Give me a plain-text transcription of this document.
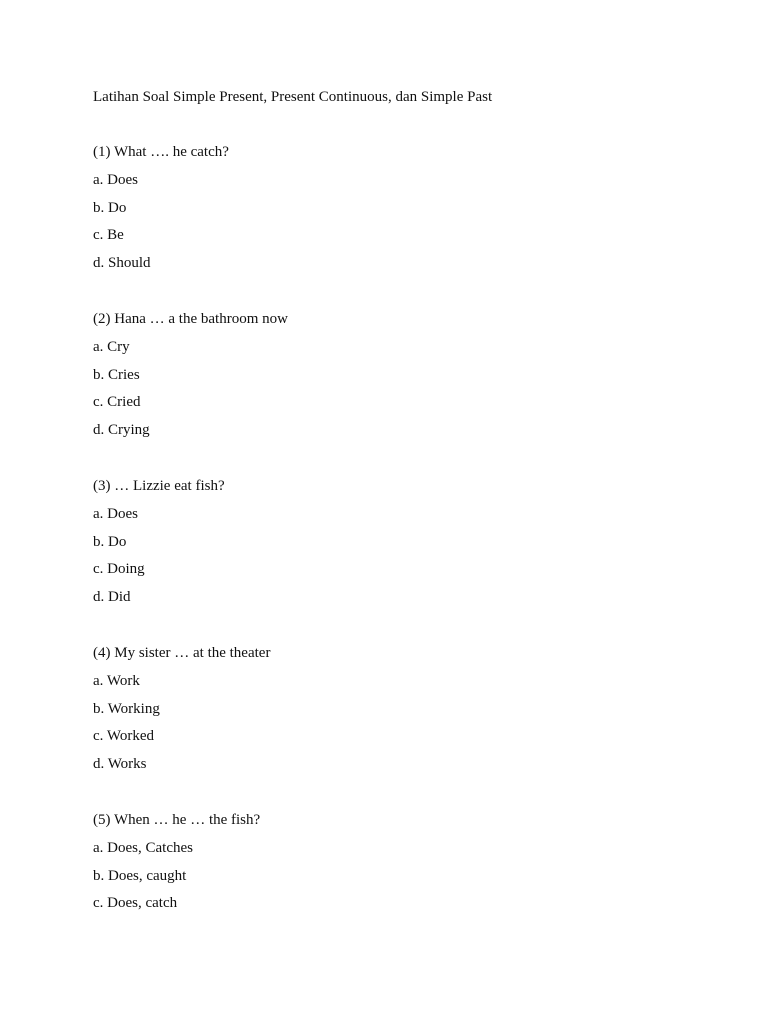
Latihan Soal Simple Present, Present Continuous, dan Simple Past
(1) What …. he catch?
a. Does
b. Do
c. Be
d. Should
(2) Hana … a the bathroom now
a. Cry
b. Cries
c. Cried
d. Crying
(3) … Lizzie eat fish?
a. Does
b. Do
c. Doing
d. Did
(4) My sister … at the theater
a. Work
b. Working
c. Worked
d. Works
(5) When … he … the fish?
a. Does, Catches
b. Does, caught
c. Does, catch
